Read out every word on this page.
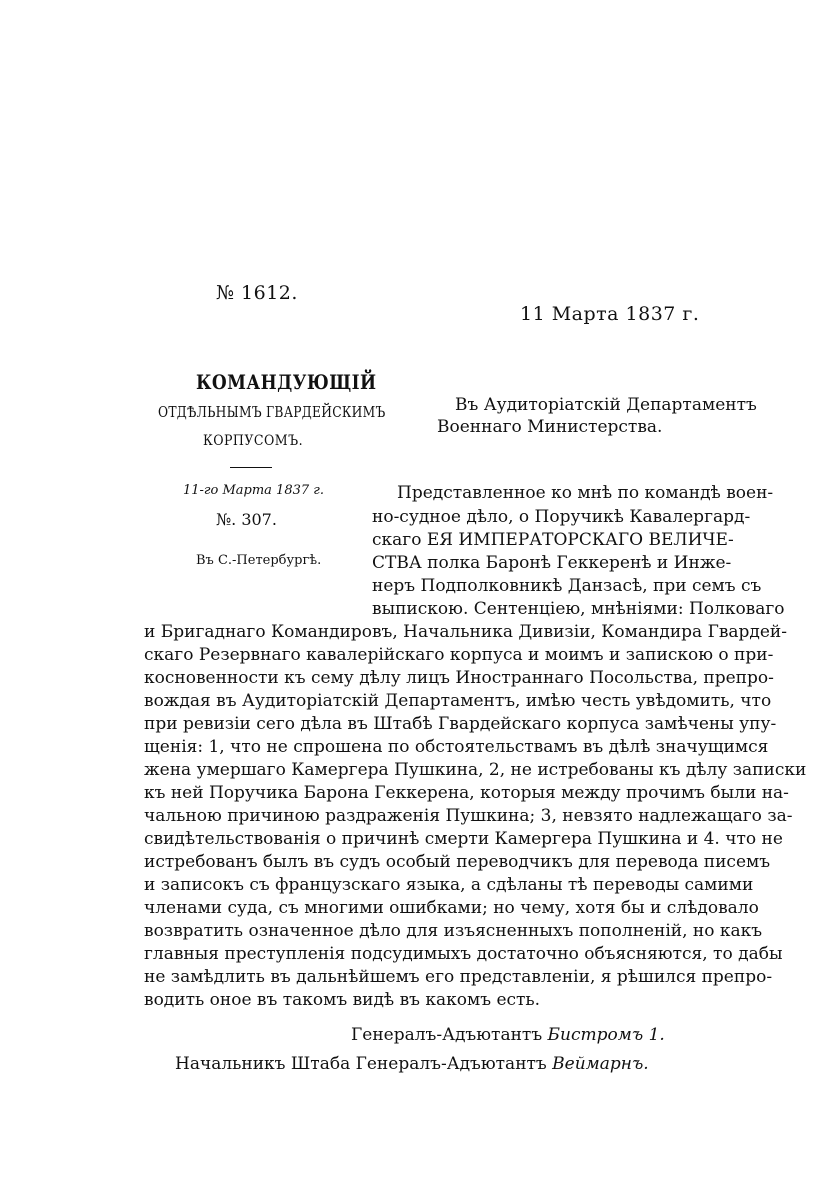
№ 1612.
11 Марта 1837 г.
КОМАНДУЮЩІЙ
ОТДѢЛЬНЫМЪ ГВАРДЕЙСКИМЪ
КОРПУСОМЪ.
11-го Марта 1837 г.
№. 307.
Въ С.-Петербургѣ.
Въ Аудиторіатскій Департаментъ
Военнаго Министерства.
Представленное ко мнѣ по командѣ воен-
но-судное дѣло, о Поручикѣ Кавалергард-
скаго ЕЯ ИМПЕРАТОРСКАГО ВЕЛИЧЕ-
СТВА полка Баронѣ Геккеренѣ и Инже-
неръ Подполковникѣ Данзасѣ, при семъ съ
выпискою. Сентенціею, мнѣніями: Полковаго
и Бригаднаго Командировъ, Начальника Дивизіи, Командира Гвардей-
скаго Резервнаго кавалерійскаго корпуса и моимъ и запискою о при-
косновенности къ сему дѣлу лицъ Иностраннаго Посольства, препро-
вождая въ Аудиторіатскій Департаментъ, имѣю честь увѣдомить, что
при ревизіи сего дѣла въ Штабѣ Гвардейскаго корпуса замѣчены упу-
щенія: 1, что не спрошена по обстоятельствамъ въ дѣлѣ значущимся
жена умершаго Камергера Пушкина, 2, не истребованы къ дѣлу записки
къ ней Поручика Барона Геккерена, которыя между прочимъ были на-
чальною причиною раздраженія Пушкина; 3, невзято надлежащаго за-
свидѣтельствованія о причинѣ смерти Камергера Пушкина и 4. что не
истребованъ былъ въ судъ особый переводчикъ для перевода писемъ
и записокъ съ французскаго языка, а сдѣланы тѣ переводы самими
членами суда, съ многими ошибками; но чему, хотя бы и слѣдовало
возвратить означенное дѣло для изъясненныхъ пополненій, но какъ
главныя преступленія подсудимыхъ достаточно объясняются, то дабы
не замѣдлить въ дальнѣйшемъ его представленіи, я рѣшился препро-
водить оное въ такомъ видѣ въ какомъ есть.
Генералъ-Адъютантъ Бистромъ 1.
Начальникъ Штаба Генералъ-Адъютантъ Веймарнъ.
